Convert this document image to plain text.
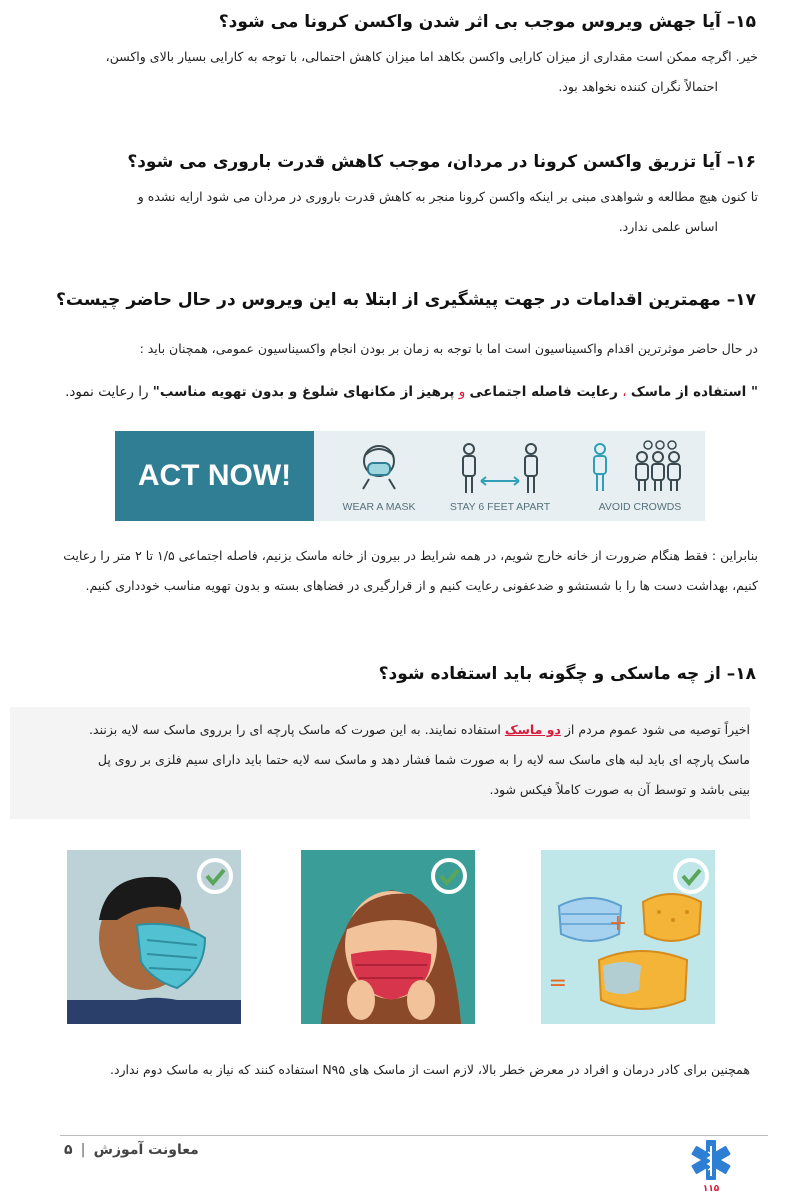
۱۵– آیا جهش ویروس موجب بی اثر شدن واکسن کرونا می شود؟
خیر. اگرچه ممکن است مقداری از میزان کارایی واکسن بکاهد اما میزان کاهش احتمالی، با توجه به کارایی بسیار بالای واکسن،
احتمالاً نگران کننده نخواهد بود.
۱۶– آیا تزریق واکسن کرونا در مردان، موجب کاهش قدرت باروری می شود؟
تا کنون هیچ مطالعه و شواهدی مبنی بر اینکه واکسن کرونا منجر به کاهش قدرت باروری در مردان می شود ارایه نشده و
اساس علمی ندارد.
۱۷– مهمترین اقدامات در جهت پیشگیری از ابتلا به این ویروس در حال حاضر چیست؟
در حال حاضر موثرترین اقدام واکسیناسیون است اما با توجه به زمان بر بودن انجام واکسیناسیون عمومی، همچنان باید :
" استفاده از ماسک ، رعایت فاصله اجتماعی و پرهیز از مکانهای شلوغ و بدون تهویه مناسب" را رعایت نمود.
ACT NOW!
WEAR A MASK	STAY 6 FEET APART	AVOID CROWDS
بنابراین : فقط هنگام ضرورت از خانه خارج شویم، در همه شرایط در بیرون از خانه ماسک بزنیم، فاصله اجتماعی ۱/۵ تا ۲ متر را رعایت
کنیم، بهداشت دست ها را با شستشو و ضدعفونی رعایت کنیم و از قرارگیری در فضاهای بسته و بدون تهویه مناسب خودداری کنیم.
۱۸– از چه ماسکی و چگونه باید استفاده شود؟
اخیراً توصیه می شود عموم مردم از دو ماسک استفاده نمایند. به این صورت که ماسک پارچه ای را برروی ماسک سه لایه بزنند.
ماسک پارچه ای باید لبه های ماسک سه لایه را به صورت شما فشار دهد و ماسک سه لایه حتما باید دارای سیم فلزی بر روی پل
بینی باشد و توسط آن به صورت کاملاً فیکس شود.
+
=
همچنین برای کادر درمان و افراد در معرض خطر بالا، لازم است از ماسک های N۹۵ استفاده کنند که نیاز به ماسک دوم ندارد.
معاونت آموزش
|
۵
۱۱۵
